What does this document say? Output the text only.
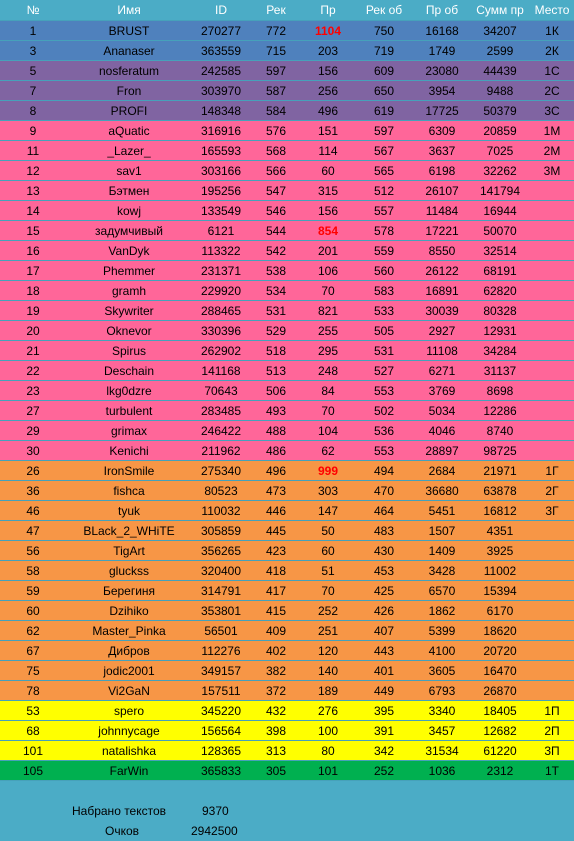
№	Имя	ID	Рек	Пр	Рек об	Пр об	Сумм пр	Место
1	BRUST	270277	772	1104	750	16168	34207	1К
3	Ananaser	363559	715	203	719	1749	2599	2К
5	nosferatum	242585	597	156	609	23080	44439	1С
7	Fron	303970	587	256	650	3954	9488	2С
8	PROFI	148348	584	496	619	17725	50379	3С
9	aQuatic	316916	576	151	597	6309	20859	1М
11	_Lazer_	165593	568	114	567	3637	7025	2М
12	sav1	303166	566	60	565	6198	32262	3М
13	Бэтмен	195256	547	315	512	26107	141794	
14	kowj	133549	546	156	557	11484	16944	
15	задумчивый	6121	544	854	578	17221	50070	
16	VanDyk	113322	542	201	559	8550	32514	
17	Phemmer	231371	538	106	560	26122	68191	
18	gramh	229920	534	70	583	16891	62820	
19	Skywriter	288465	531	821	533	30039	80328	
20	Oknevor	330396	529	255	505	2927	12931	
21	Spirus	262902	518	295	531	11108	34284	
22	Deschain	141168	513	248	527	6271	31137	
23	lkg0dzre	70643	506	84	553	3769	8698	
27	turbulent	283485	493	70	502	5034	12286	
29	grimax	246422	488	104	536	4046	8740	
30	Kenichi	211962	486	62	553	28897	98725	
26	IronSmile	275340	496	999	494	2684	21971	1Г
36	fishca	80523	473	303	470	36680	63878	2Г
46	tyuk	110032	446	147	464	5451	16812	3Г
47	BLack_2_WHiTE	305859	445	50	483	1507	4351	
56	TigArt	356265	423	60	430	1409	3925	
58	gluckss	320400	418	51	453	3428	11002	
59	Берегиня	314791	417	70	425	6570	15394	
60	Dzihiko	353801	415	252	426	1862	6170	
62	Master_Pinka	56501	409	251	407	5399	18620	
67	Дибров	112276	402	120	443	4100	20720	
75	jodic2001	349157	382	140	401	3605	16470	
78	Vi2GaN	157511	372	189	449	6793	26870	
53	spero	345220	432	276	395	3340	18405	1П
68	johnnycage	156564	398	100	391	3457	12682	2П
101	natalishka	128365	313	80	342	31534	61220	3П
105	FarWin	365833	305	101	252	1036	2312	1Т
Набрано текстов	9370
Очков	2942500
